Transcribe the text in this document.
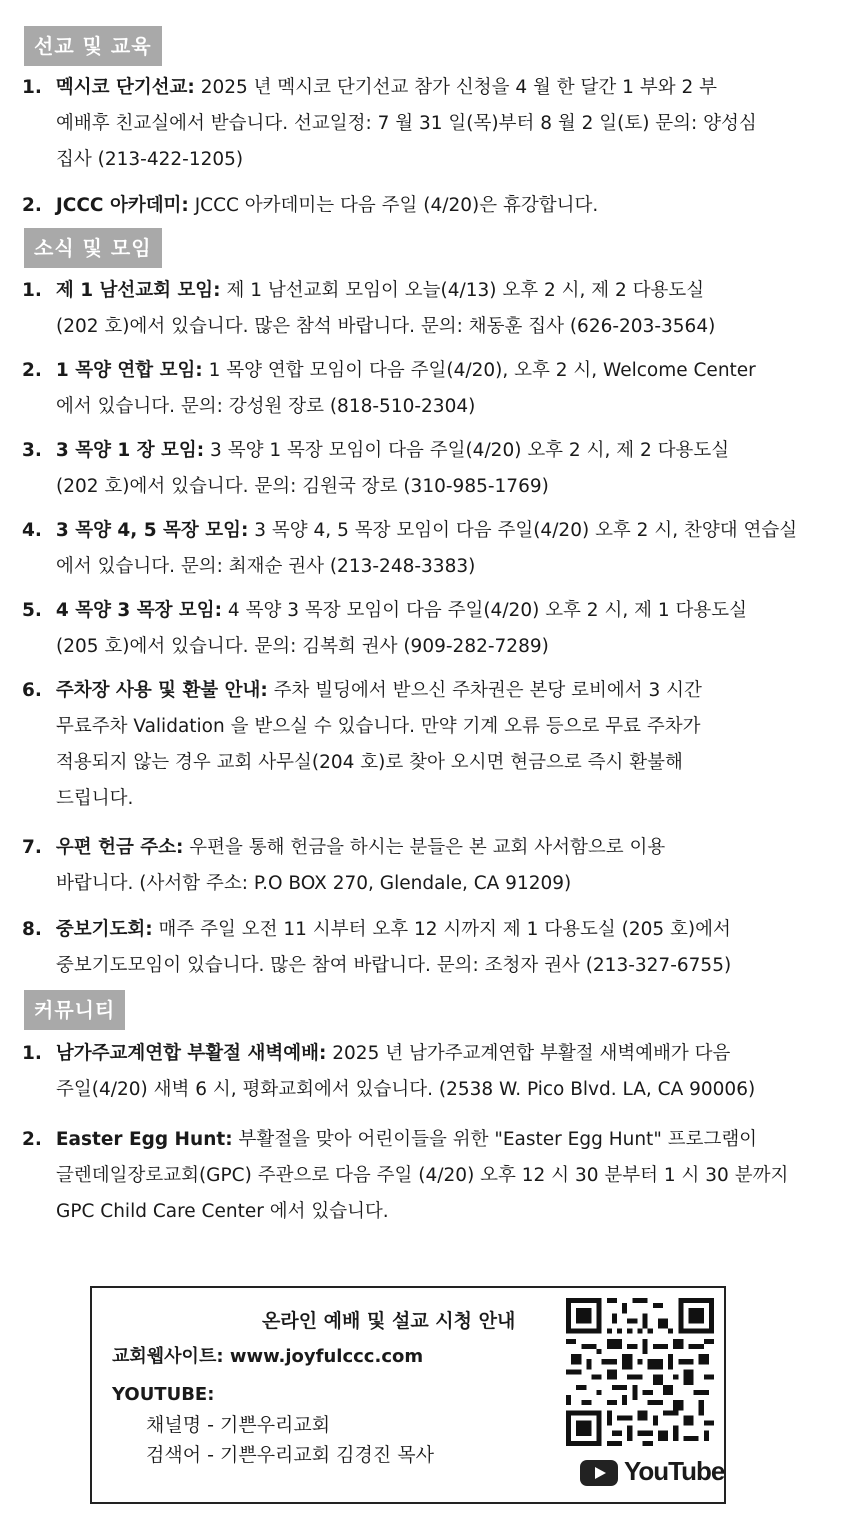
선교 및 교육
1. 멕시코 단기선교: 2025 년 멕시코 단기선교 참가 신청을 4 월 한 달간 1 부와 2 부
예배후 친교실에서 받습니다. 선교일정: 7 월 31 일(목)부터 8 월 2 일(토) 문의: 양성심
집사 (213-422-1205)
2. JCCC 아카데미: JCCC 아카데미는 다음 주일 (4/20)은 휴강합니다.
소식 및 모임
1. 제 1 남선교회 모임: 제 1 남선교회 모임이 오늘(4/13) 오후 2 시, 제 2 다용도실
(202 호)에서 있습니다. 많은 참석 바랍니다. 문의: 채동훈 집사 (626-203-3564)
2. 1 목양 연합 모임: 1 목양 연합 모임이 다음 주일(4/20), 오후 2 시, Welcome Center
에서 있습니다. 문의: 강성원 장로 (818-510-2304)
3. 3 목양 1 장 모임: 3 목양 1 목장 모임이 다음 주일(4/20) 오후 2 시, 제 2 다용도실
(202 호)에서 있습니다. 문의: 김원국 장로 (310-985-1769)
4. 3 목양 4, 5 목장 모임: 3 목양 4, 5 목장 모임이 다음 주일(4/20) 오후 2 시, 찬양대 연습실
에서 있습니다. 문의: 최재순 권사 (213-248-3383)
5. 4 목양 3 목장 모임: 4 목양 3 목장 모임이 다음 주일(4/20) 오후 2 시, 제 1 다용도실
(205 호)에서 있습니다. 문의: 김복희 권사 (909-282-7289)
6. 주차장 사용 및 환불 안내: 주차 빌딩에서 받으신 주차권은 본당 로비에서 3 시간
무료주차 Validation 을 받으실 수 있습니다. 만약 기계 오류 등으로 무료 주차가
적용되지 않는 경우 교회 사무실(204 호)로 찾아 오시면 현금으로 즉시 환불해
드립니다.
7. 우편 헌금 주소: 우편을 통해 헌금을 하시는 분들은 본 교회 사서함으로 이용
바랍니다. (사서함 주소: P.O BOX 270, Glendale, CA 91209)
8. 중보기도회: 매주 주일 오전 11 시부터 오후 12 시까지 제 1 다용도실 (205 호)에서
중보기도모임이 있습니다. 많은 참여 바랍니다. 문의: 조청자 권사 (213-327-6755)
커뮤니티
1. 남가주교계연합 부활절 새벽예배: 2025 년 남가주교계연합 부활절 새벽예배가 다음
주일(4/20) 새벽 6 시, 평화교회에서 있습니다. (2538 W. Pico Blvd. LA, CA 90006)
2. Easter Egg Hunt: 부활절을 맞아 어린이들을 위한 "Easter Egg Hunt" 프로그램이
글렌데일장로교회(GPC) 주관으로 다음 주일 (4/20) 오후 12 시 30 분부터 1 시 30 분까지
GPC Child Care Center 에서 있습니다.
온라인 예배 및 설교 시청 안내
교회웹사이트: www.joyfulccc.com
YOUTUBE:
채널명 - 기쁜우리교회
검색어 - 기쁜우리교회 김경진 목사
YouTube
